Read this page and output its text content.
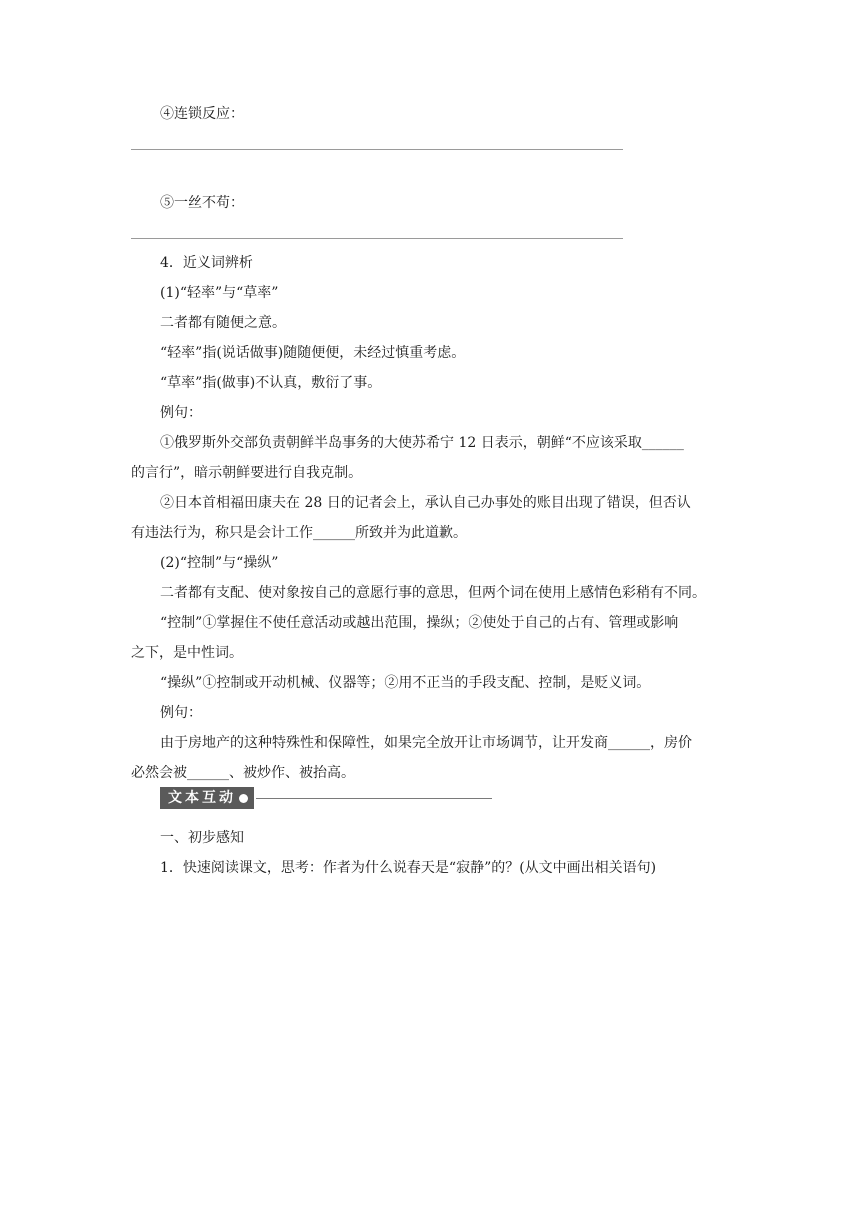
④连锁反应：
⑤一丝不苟：
4．近义词辨析
(1)“轻率”与“草率”
二者都有随便之意。
“轻率”指(说话做事)随随便便，未经过慎重考虑。
“草率”指(做事)不认真，敷衍了事。
例句：
①俄罗斯外交部负责朝鲜半岛事务的大使苏希宁 12 日表示，朝鲜“不应该采取______
的言行”，暗示朝鲜要进行自我克制。
②日本首相福田康夫在 28 日的记者会上，承认自己办事处的账目出现了错误，但否认
有违法行为，称只是会计工作______所致并为此道歉。
(2)“控制”与“操纵”
二者都有支配、使对象按自己的意愿行事的意思，但两个词在使用上感情色彩稍有不同。
“控制”①掌握住不使任意活动或越出范围，操纵；②使处于自己的占有、管理或影响
之下，是中性词。
“操纵”①控制或开动机械、仪器等；②用不正当的手段支配、控制，是贬义词。
例句：
由于房地产的这种特殊性和保障性，如果完全放开让市场调节，让开发商______，房价
必然会被______、被炒作、被抬高。
文本互动
一、初步感知
1．快速阅读课文，思考：作者为什么说春天是“寂静”的？(从文中画出相关语句)
